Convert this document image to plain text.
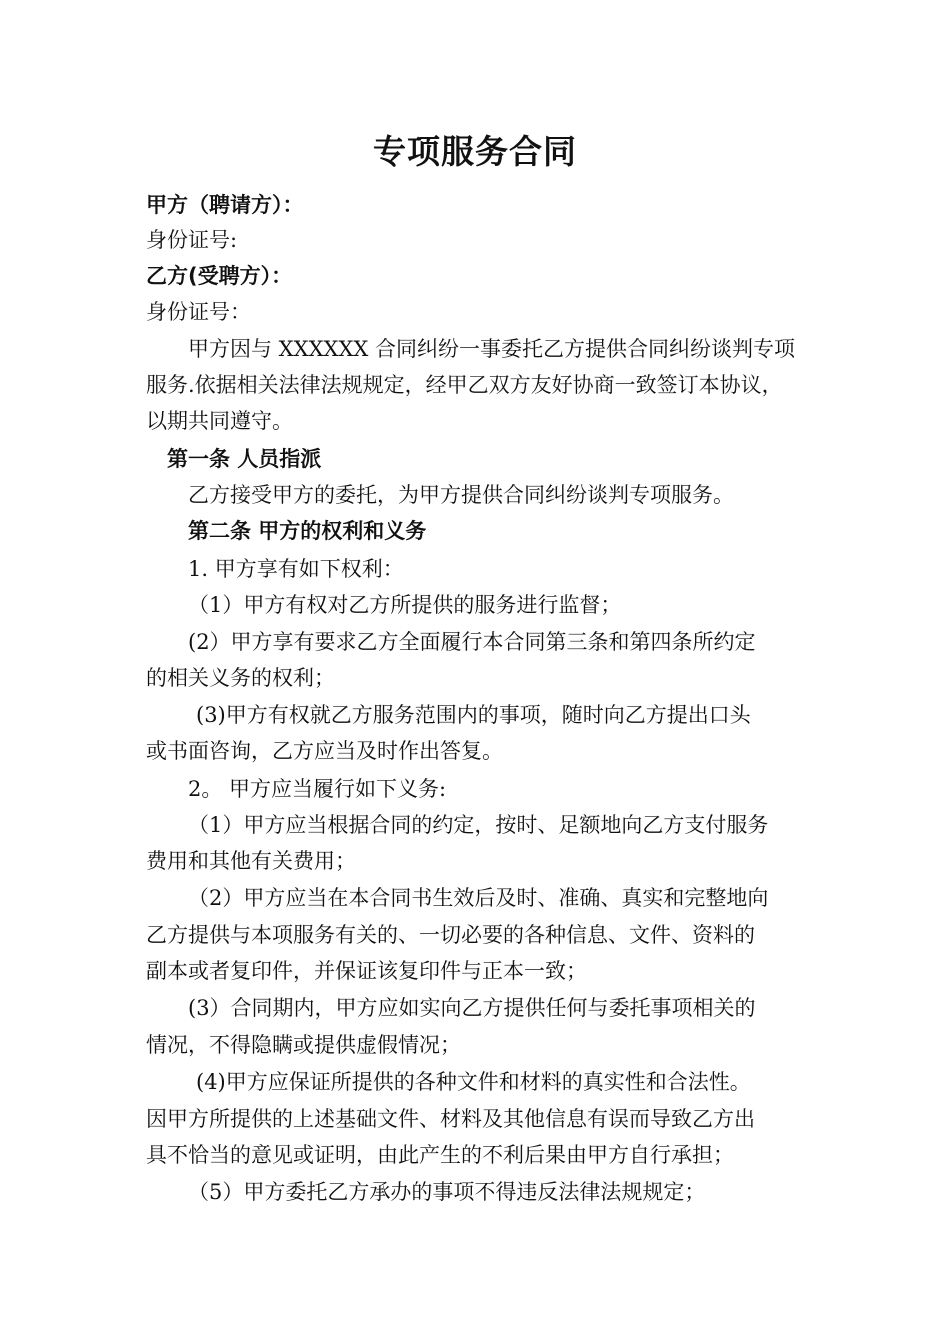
专项服务合同
甲方（聘请方）：
身份证号:
乙方(受聘方）：
身份证号：
甲方因与 XXXXXX 合同纠纷一事委托乙方提供合同纠纷谈判专项
服务.依据相关法律法规规定，经甲乙双方友好协商一致签订本协议，
以期共同遵守。
第一条 人员指派
乙方接受甲方的委托，为甲方提供合同纠纷谈判专项服务。
第二条 甲方的权利和义务
1. 甲方享有如下权利：
（1）甲方有权对乙方所提供的服务进行监督；
(2）甲方享有要求乙方全面履行本合同第三条和第四条所约定
的相关义务的权利；
(3)甲方有权就乙方服务范围内的事项，随时向乙方提出口头
或书面咨询，乙方应当及时作出答复。
2。 甲方应当履行如下义务:
（1）甲方应当根据合同的约定，按时、足额地向乙方支付服务
费用和其他有关费用；
（2）甲方应当在本合同书生效后及时、准确、真实和完整地向
乙方提供与本项服务有关的、一切必要的各种信息、文件、资料的
副本或者复印件，并保证该复印件与正本一致；
(3）合同期内，甲方应如实向乙方提供任何与委托事项相关的
情况，不得隐瞒或提供虚假情况；
(4)甲方应保证所提供的各种文件和材料的真实性和合法性。
因甲方所提供的上述基础文件、材料及其他信息有误而导致乙方出
具不恰当的意见或证明，由此产生的不利后果由甲方自行承担；
（5）甲方委托乙方承办的事项不得违反法律法规规定；
